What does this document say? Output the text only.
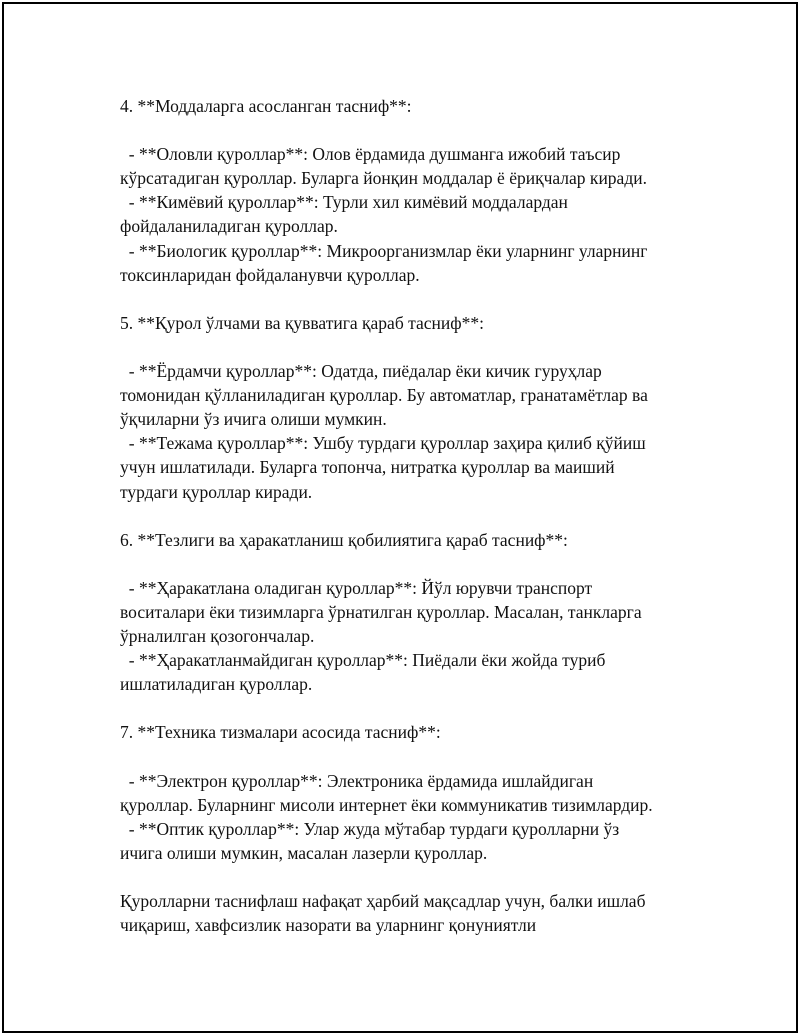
4. **Моддаларга асосланган тасниф**:

- **Оловли қуроллар**: Олов ёрдамида душманга ижобий таъсир

кўрсатадиган қуроллар. Буларга йонқин моддалар ё ёриқчалар киради.

- **Кимёвий қуроллар**: Турли хил кимёвий моддалардан

фойдаланиладиган қуроллар.

- **Биологик қуроллар**: Микроорганизмлар ёки уларнинг уларнинг

токсинларидан фойдаланувчи қуроллар.

5. **Қурол ўлчами ва қувватига қараб тасниф**:

- **Ёрдамчи қуроллар**: Одатда, пиёдалар ёки кичик гуруҳлар

томонидан қўлланиладиган қуроллар. Бу автоматлар, гранатамётлар ва

ўқчиларни ўз ичига олиши мумкин.

- **Тежама қуроллар**: Ушбу турдаги қуроллар заҳира қилиб қўйиш

учун ишлатилади. Буларга топонча, нитратка қуроллар ва маиший

турдаги қуроллар киради.

6. **Тезлиги ва ҳаракатланиш қобилиятига қараб тасниф**:

- **Ҳаракатлана оладиган қуроллар**: Йўл юрувчи транспорт

воситалари ёки тизимларга ўрнатилган қуроллар. Масалан, танкларга

ўрналилган қозогончалар.

- **Ҳаракатланмайдиган қуроллар**: Пиёдали ёки жойда туриб

ишлатиладиган қуроллар.

7. **Техника тизмалари асосида тасниф**:

- **Электрон қуроллар**: Электроника ёрдамида ишлайдиган

қуроллар. Буларнинг мисоли интернет ёки коммуникатив тизимлардир.

- **Оптик қуроллар**: Улар жуда мўтабар турдаги қуролларни ўз

ичига олиши мумкин, масалан лазерли қуроллар.

Қуролларни таснифлаш нафақат ҳарбий мақсадлар учун, балки ишлаб

чиқариш, хавфсизлик назорати ва уларнинг қонуниятли
